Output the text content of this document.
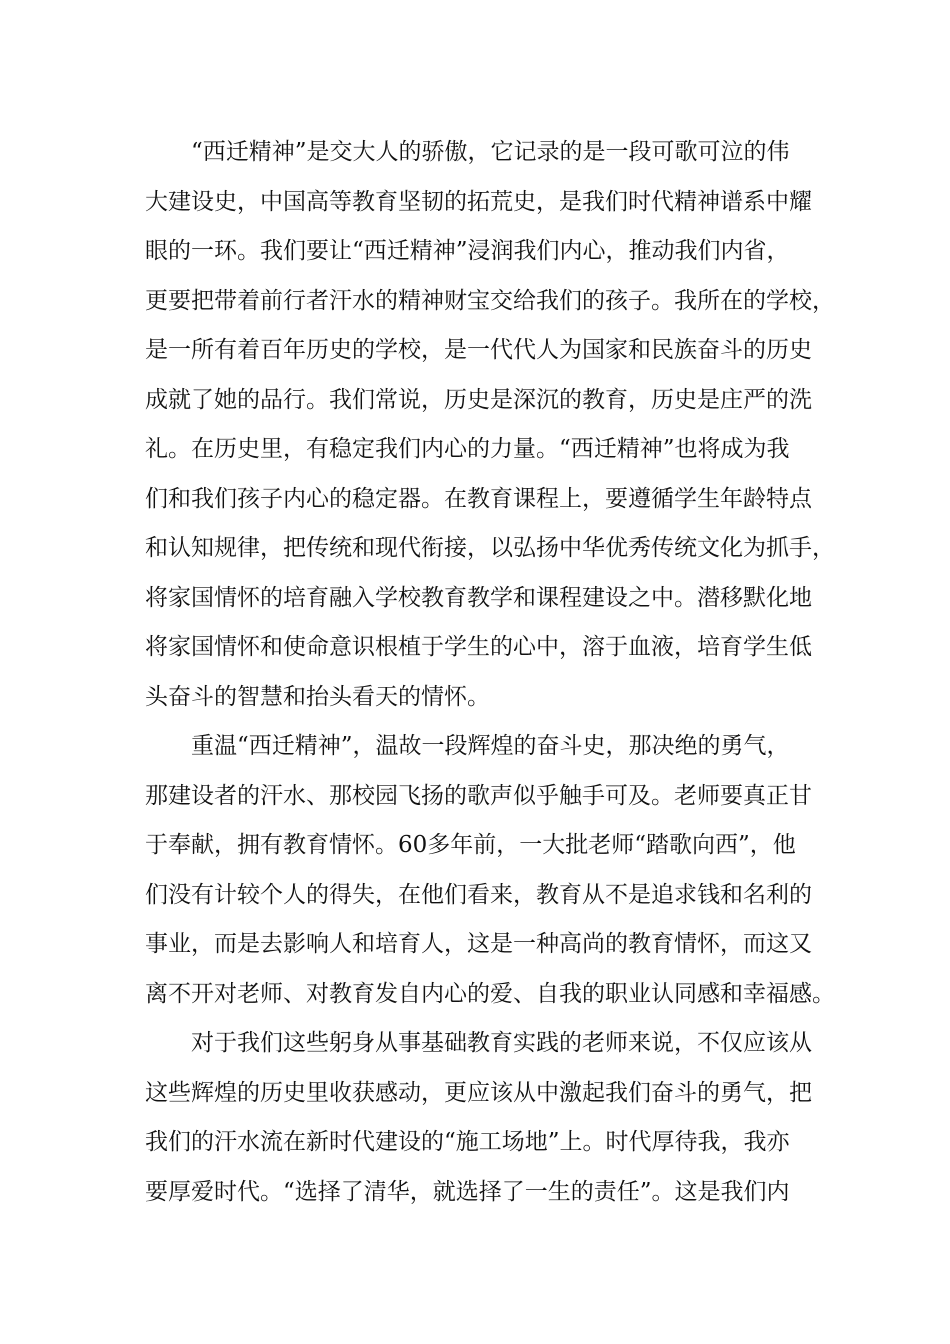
“西迁精神”是交大人的骄傲，它记录的是一段可歌可泣的伟
大建设史，中国高等教育坚韧的拓荒史，是我们时代精神谱系中耀
眼的一环。我们要让“西迁精神”浸润我们内心，推动我们内省，
更要把带着前行者汗水的精神财宝交给我们的孩子。我所在的学校，
是一所有着百年历史的学校，是一代代人为国家和民族奋斗的历史
成就了她的品行。我们常说，历史是深沉的教育，历史是庄严的洗
礼。在历史里，有稳定我们内心的力量。“西迁精神”也将成为我
们和我们孩子内心的稳定器。在教育课程上，要遵循学生年龄特点
和认知规律，把传统和现代衔接，以弘扬中华优秀传统文化为抓手，
将家国情怀的培育融入学校教育教学和课程建设之中。潜移默化地
将家国情怀和使命意识根植于学生的心中，溶于血液，培育学生低
头奋斗的智慧和抬头看天的情怀。
重温“西迁精神”，温故一段辉煌的奋斗史，那决绝的勇气，
那建设者的汗水、那校园飞扬的歌声似乎触手可及。老师要真正甘
于奉献，拥有教育情怀。60多年前，一大批老师“踏歌向西”，他
们没有计较个人的得失，在他们看来，教育从不是追求钱和名利的
事业，而是去影响人和培育人，这是一种高尚的教育情怀，而这又
离不开对老师、对教育发自内心的爱、自我的职业认同感和幸福感。
对于我们这些躬身从事基础教育实践的老师来说，不仅应该从
这些辉煌的历史里收获感动，更应该从中激起我们奋斗的勇气，把
我们的汗水流在新时代建设的“施工场地”上。时代厚待我，我亦
要厚爱时代。“选择了清华，就选择了一生的责任”。这是我们内
